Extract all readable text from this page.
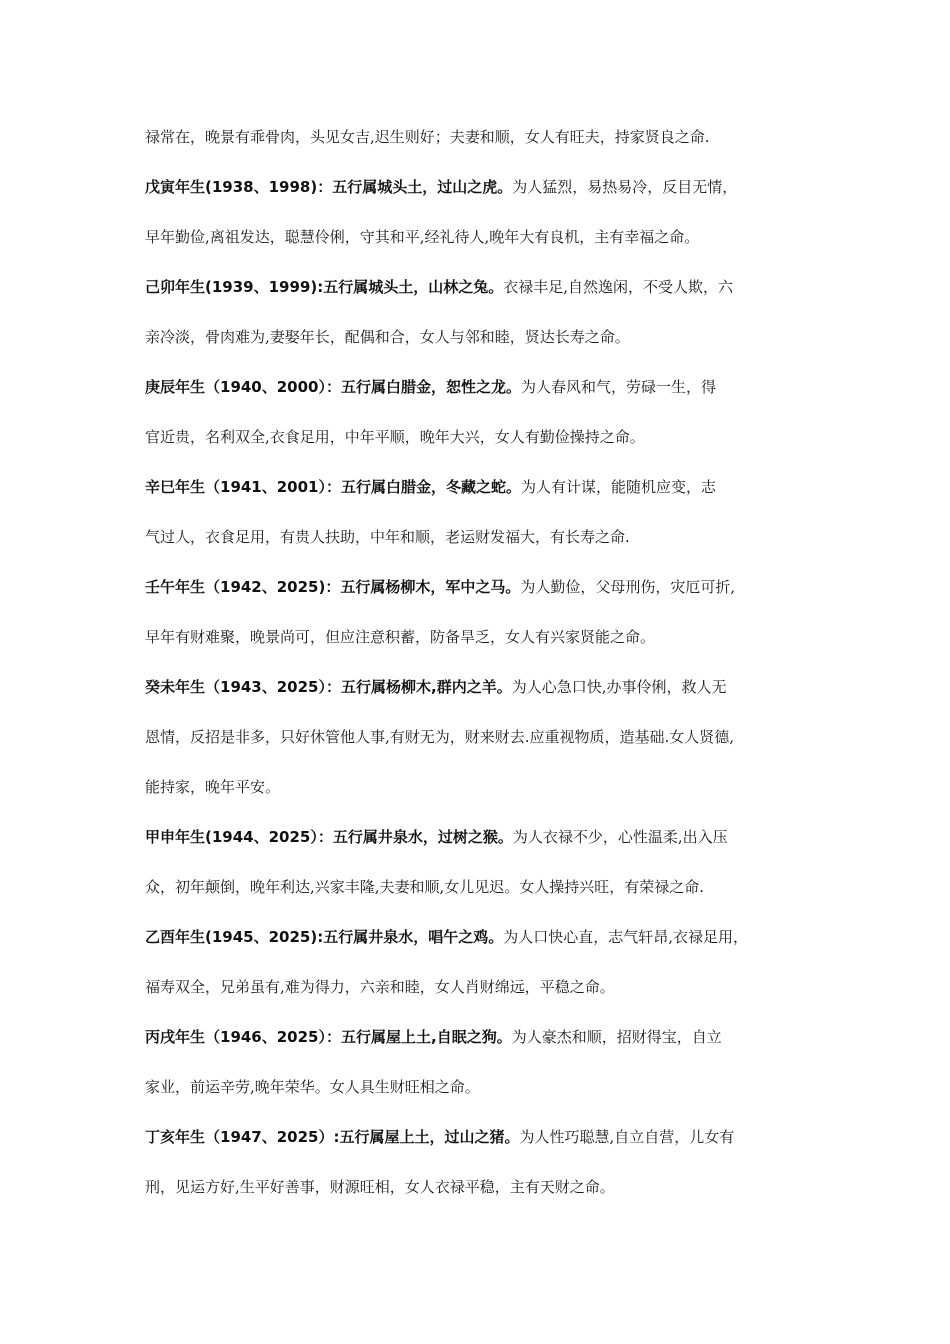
禄常在，晚景有乖骨肉，头见女吉,迟生则好；夫妻和顺，女人有旺夫，持家贤良之命.
戊寅年生(1938、1998)：五行属城头土，过山之虎。为人猛烈，易热易冷，反目无情，
早年勤俭,离祖发达，聪慧伶俐，守其和平,经礼待人,晚年大有良机，主有幸福之命。
己卯年生(1939、1999):五行属城头土，山林之兔。衣禄丰足,自然逸闲，不受人欺，六
亲冷淡，骨肉难为,妻娶年长，配偶和合，女人与邻和睦，贤达长寿之命。
庚辰年生（1940、2000）：五行属白腊金，恕性之龙。为人春风和气，劳碌一生，得
官近贵，名利双全,衣食足用，中年平顺，晚年大兴，女人有勤俭操持之命。
辛巳年生（1941、2001）：五行属白腊金，冬藏之蛇。为人有计谋，能随机应变，志
气过人，衣食足用，有贵人扶助，中年和顺，老运财发福大，有长寿之命.
壬午年生（1942、2025)：五行属杨柳木，军中之马。为人勤俭，父母刑伤，灾厄可折,
早年有财难聚，晚景尚可，但应注意积蓄，防备旱乏，女人有兴家贤能之命。
癸未年生（1943、2025）：五行属杨柳木,群内之羊。为人心急口快,办事伶俐，救人无
恩情，反招是非多，只好休管他人事,有财无为，财来财去.应重视物质，造基础.女人贤德,
能持家，晚年平安。
甲申年生(1944、2025）：五行属井泉水，过树之猴。为人衣禄不少，心性温柔,出入压
众，初年颠倒，晚年利达,兴家丰隆,夫妻和顺,女儿见迟。女人操持兴旺，有荣禄之命.
乙酉年生(1945、2025):五行属井泉水，唱午之鸡。为人口快心直，志气轩昂,衣禄足用，
福寿双全，兄弟虽有,难为得力，六亲和睦，女人肖财绵远，平稳之命。
丙戌年生（1946、2025）：五行属屋上土,自眠之狗。为人豪杰和顺，招财得宝，自立
家业，前运辛劳,晚年荣华。女人具生财旺相之命。
丁亥年生（1947、2025）:五行属屋上土，过山之猪。为人性巧聪慧,自立自营，儿女有
刑，见运方好,生平好善事，财源旺相，女人衣禄平稳，主有天财之命。
